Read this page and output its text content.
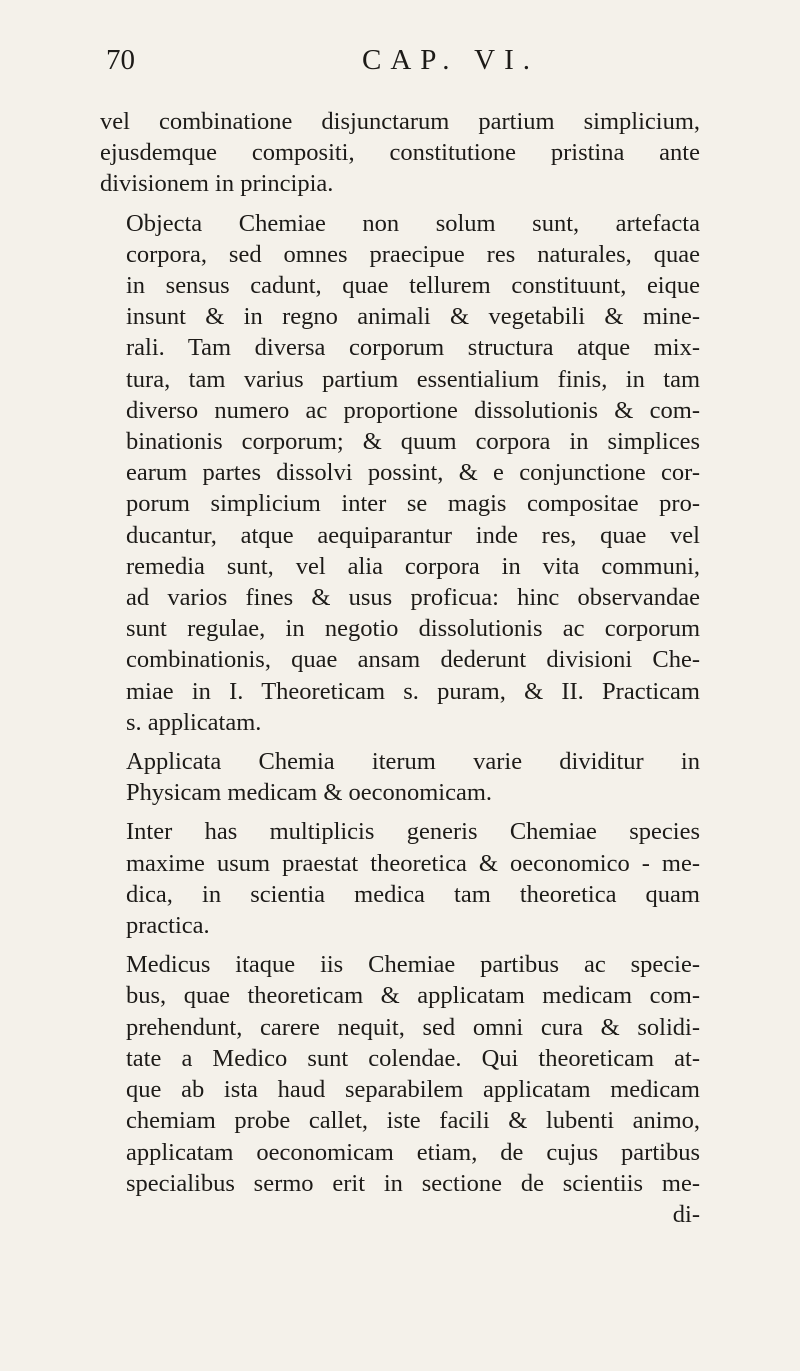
70	CAP. VI.

vel combinatione disjunctarum partium simplicium,
ejusdemque compositi, constitutione pristina ante
divisionem in principia.

Objecta Chemiae non solum sunt, artefacta
corpora, sed omnes praecipue res naturales, quae
in sensus cadunt, quae tellurem constituunt, eique
insunt & in regno animali & vegetabili & mine-
rali. Tam diversa corporum structura atque mix-
tura, tam varius partium essentialium finis, in tam
diverso numero ac proportione dissolutionis & com-
binationis corporum; & quum corpora in simplices
earum partes dissolvi possint, & e conjunctione cor-
porum simplicium inter se magis compositae pro-
ducantur, atque aequiparantur inde res, quae vel
remedia sunt, vel alia corpora in vita communi,
ad varios fines & usus proficua: hinc observandae
sunt regulae, in negotio dissolutionis ac corporum
combinationis, quae ansam dederunt divisioni Che-
miae in I. Theoreticam s. puram, & II. Practicam
s. applicatam.

Applicata Chemia iterum varie dividitur in
Physicam medicam & oeconomicam.

Inter has multiplicis generis Chemiae species
maxime usum praestat theoretica & oeconomico - me-
dica, in scientia medica tam theoretica quam
practica.

Medicus itaque iis Chemiae partibus ac specie-
bus, quae theoreticam & applicatam medicam com-
prehendunt, carere nequit, sed omni cura & solidi-
tate a Medico sunt colendae. Qui theoreticam at-
que ab ista haud separabilem applicatam medicam
chemiam probe callet, iste facili & lubenti animo,
applicatam oeconomicam etiam, de cujus partibus
specialibus sermo erit in sectione de scientiis me-

di-
